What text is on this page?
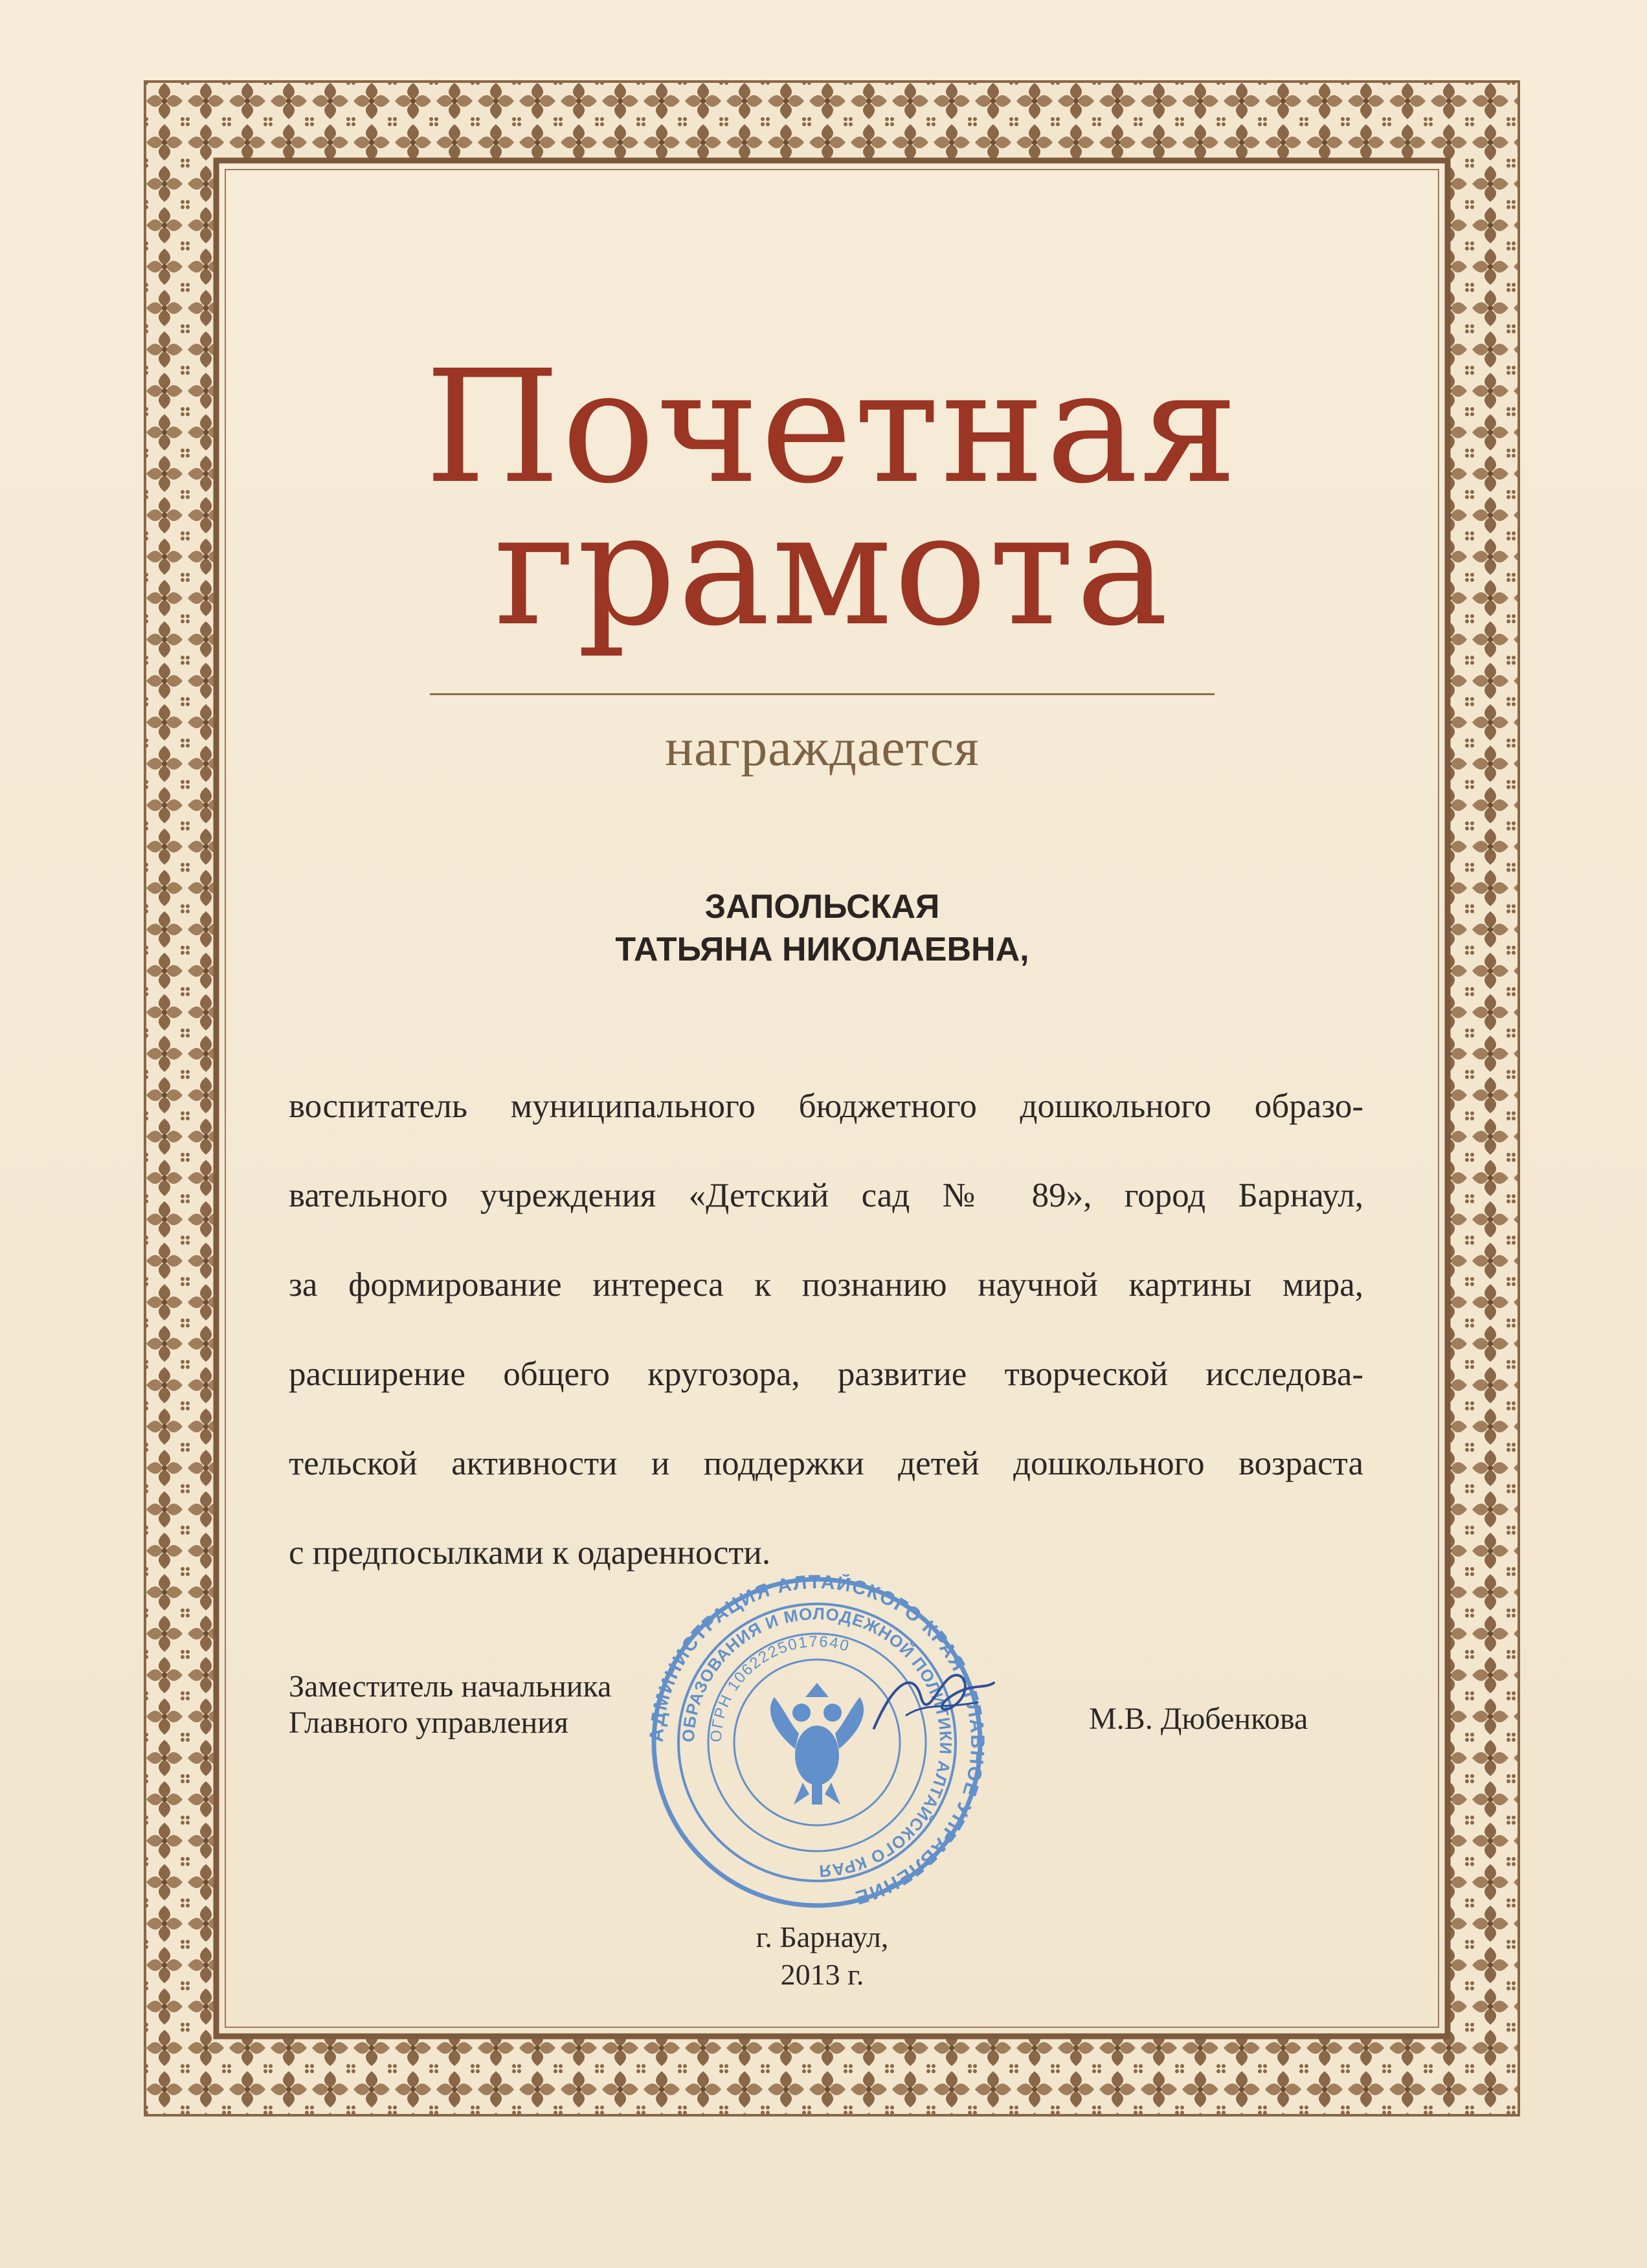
Почетная
грамота
награждается
ЗАПОЛЬСКАЯ
ТАТЬЯНА НИКОЛАЕВНА,
воспитатель муниципального бюджетного дошкольного образо-
вательного учреждения «Детский сад № 89», город Барнаул,
за формирование интереса к познанию научной картины мира,
расширение общего кругозора, развитие творческой исследова-
тельской активности и поддержки детей дошкольного возраста
с предпосылками к одаренности.
Заместитель начальника
Главного управления	АДМИНИСТРАЦИЯ АЛТАЙСКОГО КРАЯ • ГЛАВНОЕ УПРАВЛЕНИЕ
ОБРАЗОВАНИЯ И МОЛОДЕЖНОЙ ПОЛИТИКИ АЛТАЙСКОГО КРАЯ
ОГРН 1062225017640
М.В. Дюбенкова
г. Барнаул,
2013 г.
